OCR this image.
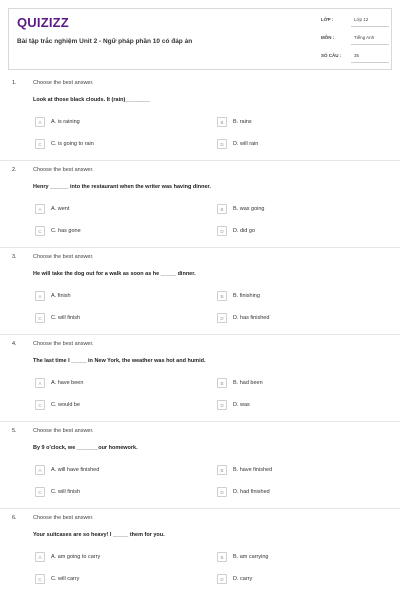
QUIZIZZ
Bài tập trắc nghiệm Unit 2 - Ngữ pháp phần 10 có đáp án
LỚP :	Lớp 12
MÔN :	Tiếng Anh
SỐ CÂU :	35
1.	Choose the best answer.
Look at those black clouds. It (rain)________
A	A. is raining	B	B. rains
C	C. is going to rain	D	D. will rain
2.	Choose the best answer.
Henry ______ into the restaurant when the writer was having dinner.
A	A. went	B	B. was going
C	C. has gone	D	D. did go
3.	Choose the best answer.
He will take the dog out for a walk as soon as he _____ dinner.
A	A. finish	B	B. finishing
C	C. will finish	D	D. has finished
4.	Choose the best answer.
The last time I _____ in New York, the weather was hot and humid.
A	A. have been	B	B. had been
C	C. would be	D	D. was
5.	Choose the best answer.
By 9 o'clock, we _______our homework.
A	A. will have finished	B	B. have finished
C	C. will finish	D	D. had finished
6.	Choose the best answer.
Your suitcases are so heavy! I _____ them for you.
A	A. am going to carry	B	B. am carrying
C	C. will carry	D	D. carry
